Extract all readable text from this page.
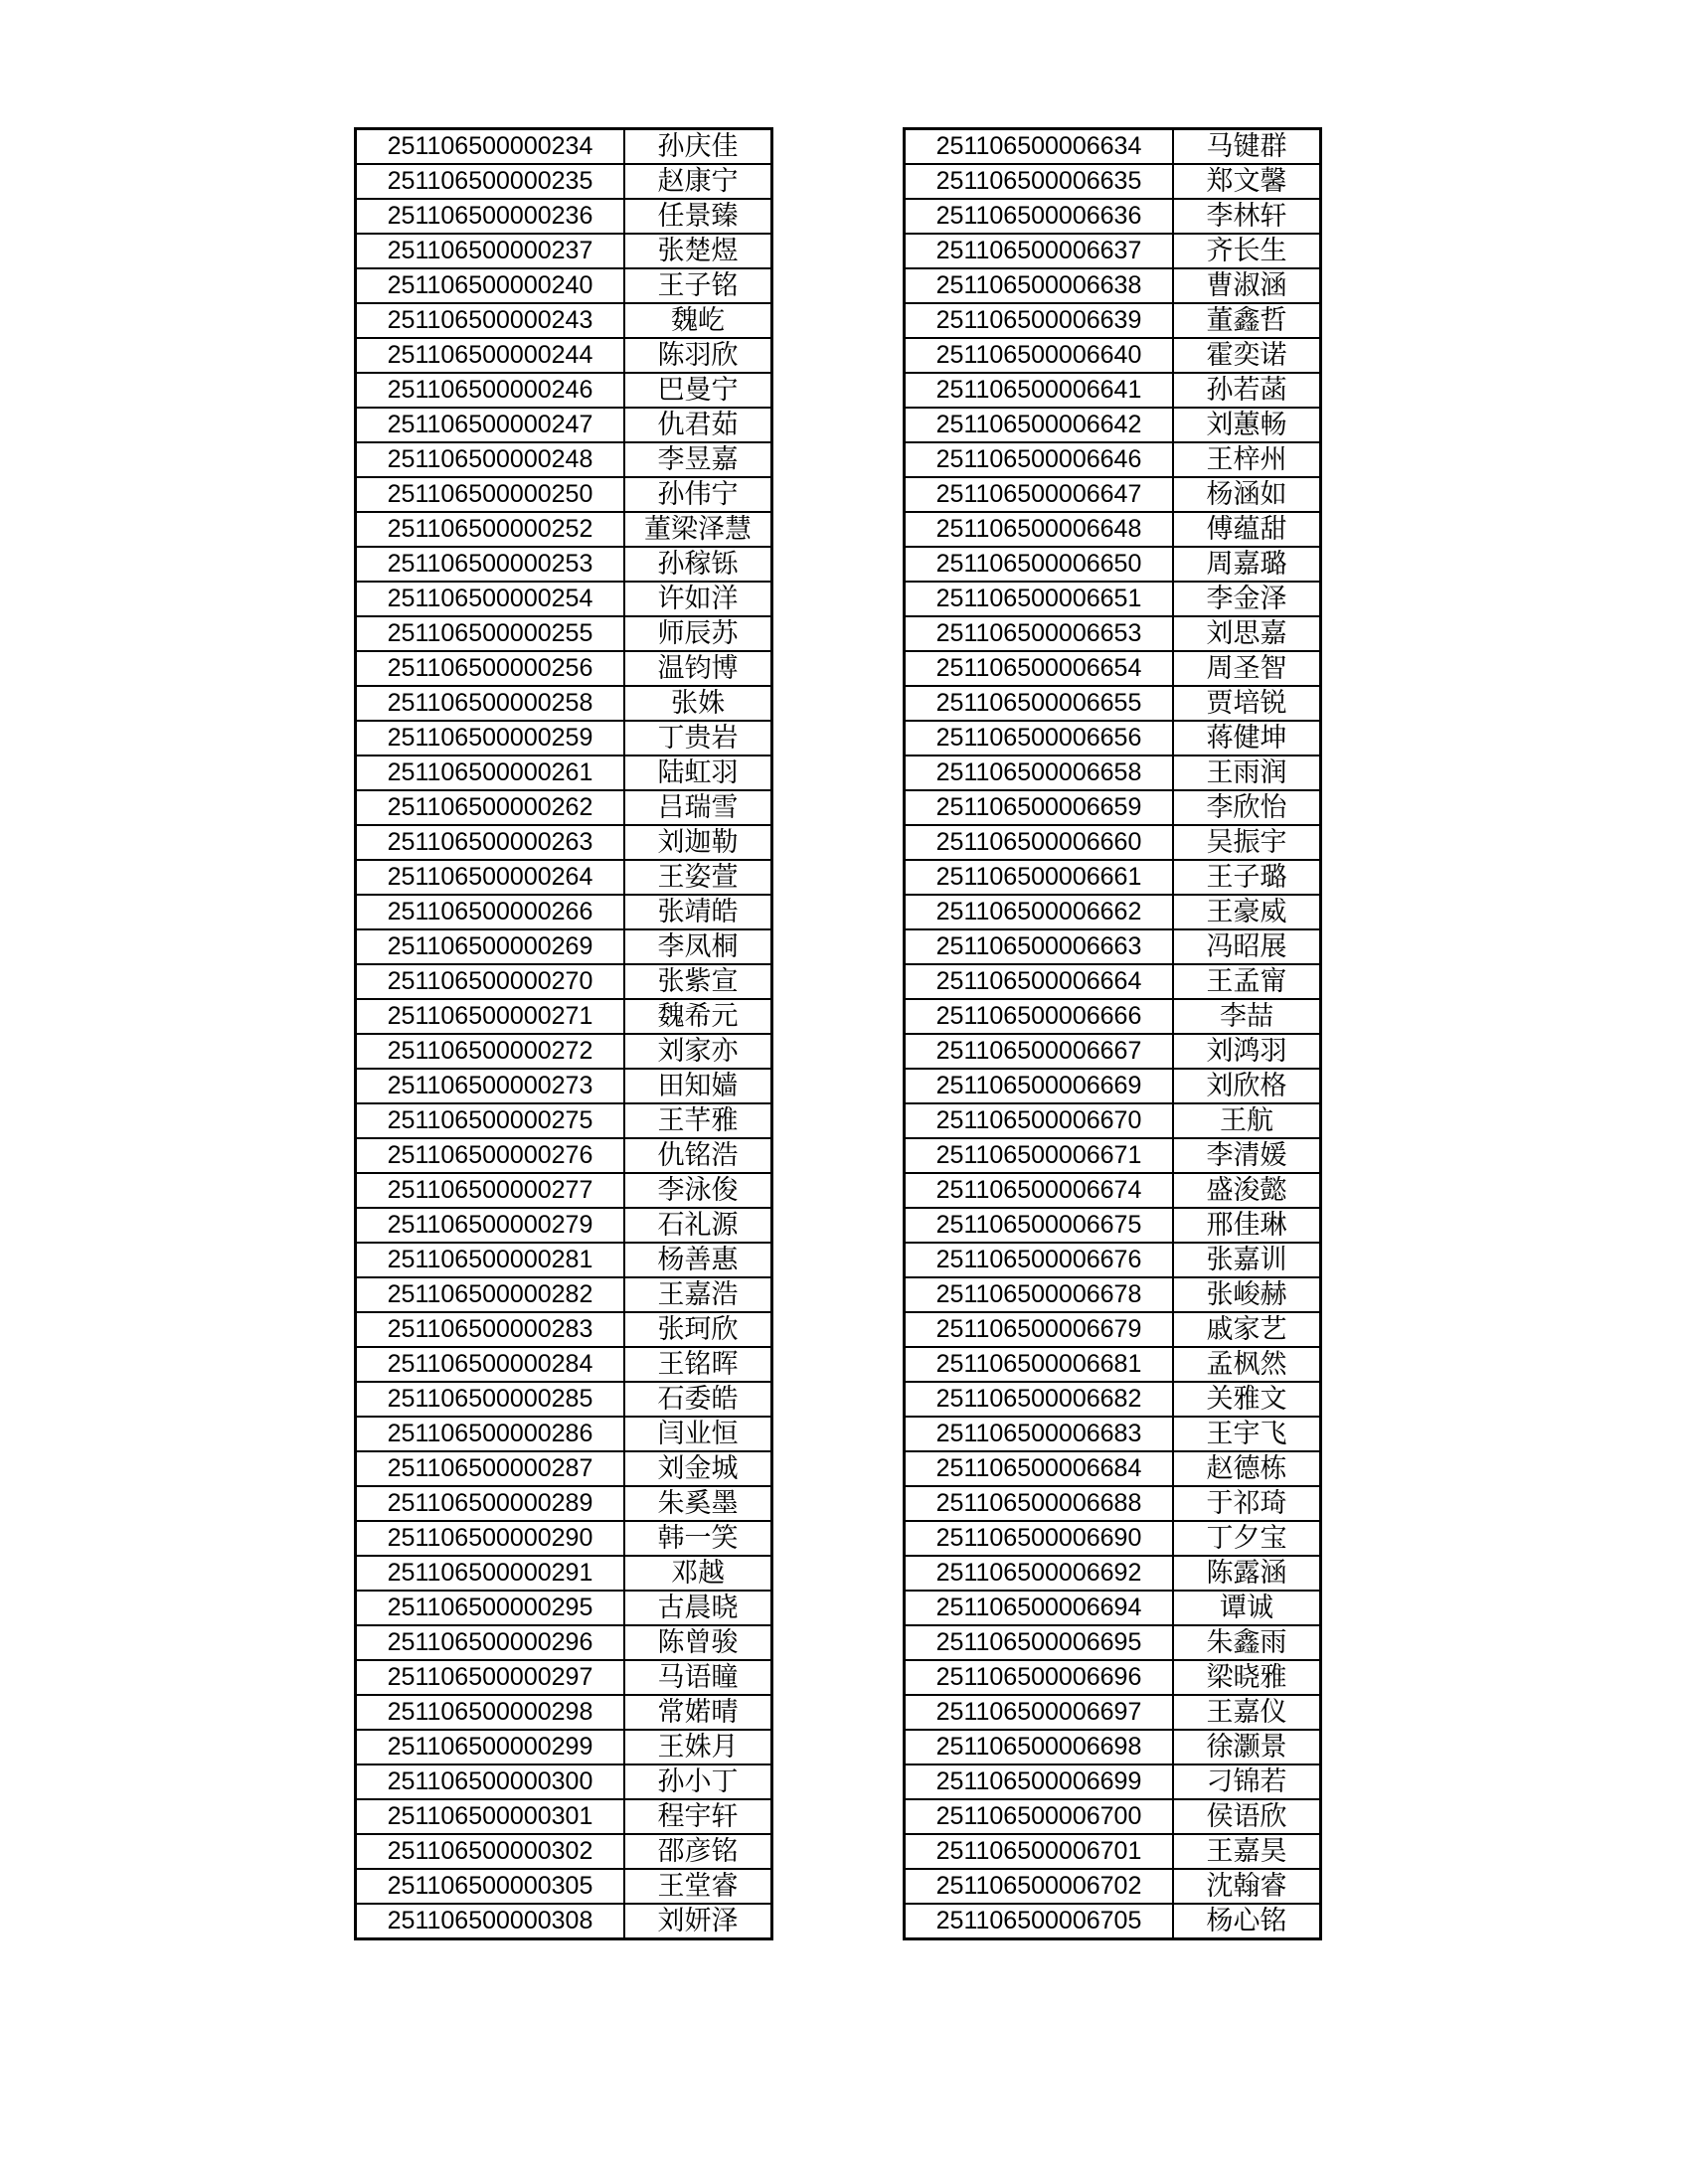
251106500000234	孙庆佳
251106500000235	赵康宁
251106500000236	任景臻
251106500000237	张楚煜
251106500000240	王子铭
251106500000243	魏屹
251106500000244	陈羽欣
251106500000246	巴曼宁
251106500000247	仇君茹
251106500000248	李昱嘉
251106500000250	孙伟宁
251106500000252	董梁泽慧
251106500000253	孙稼铄
251106500000254	许如洋
251106500000255	师辰苏
251106500000256	温钧博
251106500000258	张姝
251106500000259	丁贵岩
251106500000261	陆虹羽
251106500000262	吕瑞雪
251106500000263	刘迦勒
251106500000264	王姿萱
251106500000266	张靖皓
251106500000269	李凤桐
251106500000270	张紫宣
251106500000271	魏希元
251106500000272	刘家亦
251106500000273	田知嫱
251106500000275	王芊雅
251106500000276	仇铭浩
251106500000277	李泳俊
251106500000279	石礼源
251106500000281	杨善惠
251106500000282	王嘉浩
251106500000283	张珂欣
251106500000284	王铭晖
251106500000285	石委皓
251106500000286	闫业恒
251106500000287	刘金城
251106500000289	朱奚墨
251106500000290	韩一笑
251106500000291	邓越
251106500000295	古晨晓
251106500000296	陈曾骏
251106500000297	马语瞳
251106500000298	常婼晴
251106500000299	王姝月
251106500000300	孙小丁
251106500000301	程宇轩
251106500000302	邵彦铭
251106500000305	王堂睿
251106500000308	刘妍泽
251106500006634	马键群
251106500006635	郑文馨
251106500006636	李林轩
251106500006637	齐长生
251106500006638	曹淑涵
251106500006639	董鑫哲
251106500006640	霍奕诺
251106500006641	孙若菡
251106500006642	刘蕙畅
251106500006646	王梓州
251106500006647	杨涵如
251106500006648	傅蕴甜
251106500006650	周嘉璐
251106500006651	李金泽
251106500006653	刘思嘉
251106500006654	周圣智
251106500006655	贾培锐
251106500006656	蒋健坤
251106500006658	王雨润
251106500006659	李欣怡
251106500006660	吴振宇
251106500006661	王子璐
251106500006662	王豪威
251106500006663	冯昭展
251106500006664	王孟甯
251106500006666	李喆
251106500006667	刘鸿羽
251106500006669	刘欣格
251106500006670	王航
251106500006671	李清媛
251106500006674	盛浚懿
251106500006675	邢佳琳
251106500006676	张嘉训
251106500006678	张峻赫
251106500006679	戚家艺
251106500006681	孟枫然
251106500006682	关雅文
251106500006683	王宇飞
251106500006684	赵德栋
251106500006688	于祁琦
251106500006690	丁夕宝
251106500006692	陈露涵
251106500006694	谭诚
251106500006695	朱鑫雨
251106500006696	梁晓雅
251106500006697	王嘉仪
251106500006698	徐灏景
251106500006699	刁锦若
251106500006700	侯语欣
251106500006701	王嘉昊
251106500006702	沈翰睿
251106500006705	杨心铭
